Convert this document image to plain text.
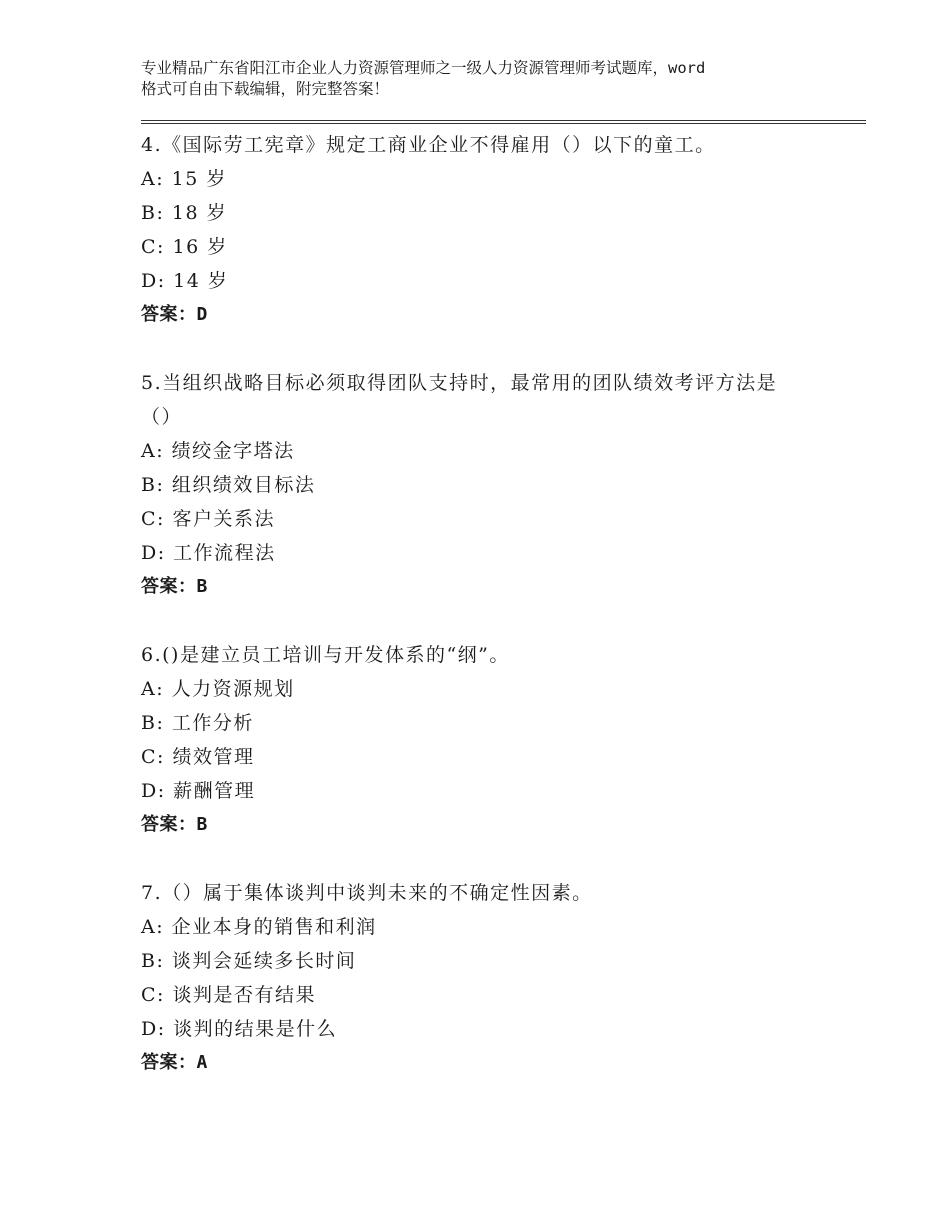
专业精品广东省阳江市企业人力资源管理师之一级人力资源管理师考试题库，word
格式可自由下载编辑，附完整答案！
4.《国际劳工宪章》规定工商业企业不得雇用（）以下的童工。
A: 15 岁
B: 18 岁
C: 16 岁
D: 14 岁
答案：D
5.当组织战略目标必须取得团队支持时，最常用的团队绩效考评方法是（）
A: 绩绞金字塔法
B: 组织绩效目标法
C: 客户关系法
D: 工作流程法
答案：B
6.()是建立员工培训与开发体系的“纲”。
A: 人力资源规划
B: 工作分析
C: 绩效管理
D: 薪酬管理
答案：B
7.（）属于集体谈判中谈判未来的不确定性因素。
A: 企业本身的销售和利润
B: 谈判会延续多长时间
C: 谈判是否有结果
D: 谈判的结果是什么
答案：A
